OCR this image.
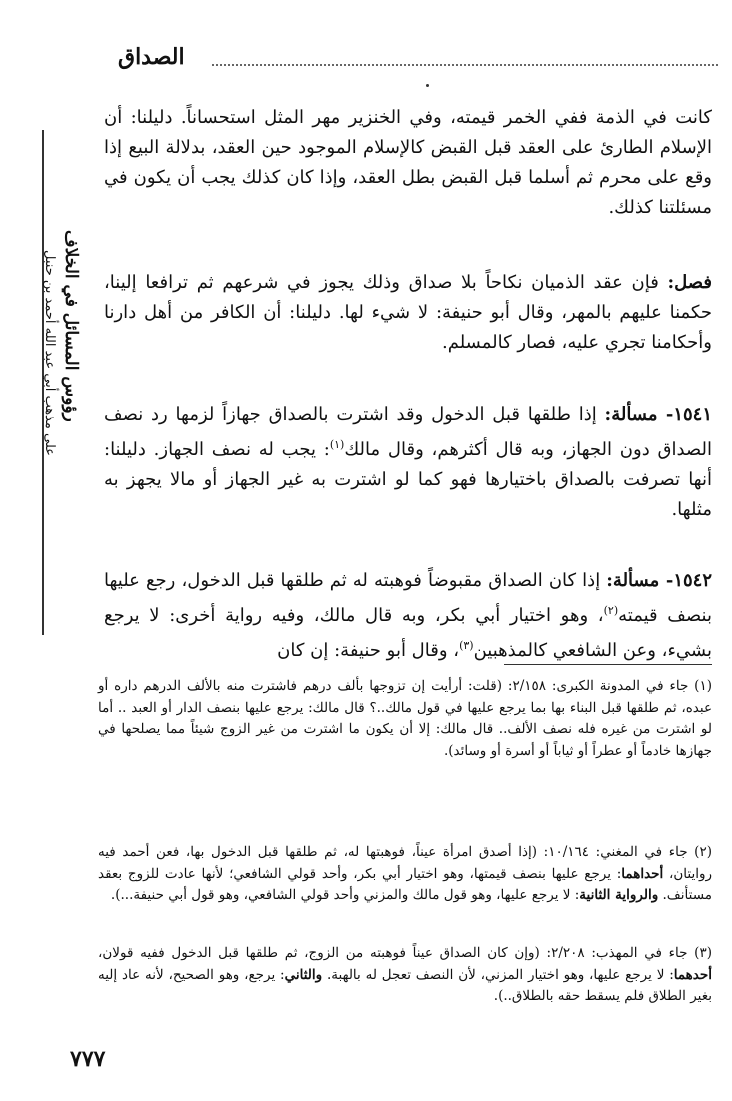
الصداق
رؤوس المسائل في الخلاف
على مذهب أبي عبد الله أحمد بن حنبل

كانت في الذمة ففي الخمر قيمته، وفي الخنزير مهر المثل استحساناً. دليلنا: أن الإسلام الطارئ على العقد قبل القبض كالإسلام الموجود حين العقد، بدلالة البيع إذا وقع على محرم ثم أسلما قبل القبض بطل العقد، وإذا كان كذلك يجب أن يكون في مسئلتنا كذلك.

فصل: فإن عقد الذميان نكاحاً بلا صداق وذلك يجوز في شرعهم ثم ترافعا إلينا، حكمنا عليهم بالمهر، وقال أبو حنيفة: لا شيء لها. دليلنا: أن الكافر من أهل دارنا وأحكامنا تجري عليه، فصار كالمسلم.

١٥٤١- مسألة: إذا طلقها قبل الدخول وقد اشترت بالصداق جهازاً لزمها رد نصف الصداق دون الجهاز، وبه قال أكثرهم، وقال مالك$^{(١)}$: يجب له نصف الجهاز. دليلنا: أنها تصرفت بالصداق باختيارها فهو كما لو اشترت به غير الجهاز أو مالا يجهز به مثلها.

١٥٤٢- مسألة: إذا كان الصداق مقبوضاً فوهبته له ثم طلقها قبل الدخول، رجع عليها بنصف قيمته$^{(٢)}$، وهو اختيار أبي بكر، وبه قال مالك، وفيه رواية أخرى: لا يرجع بشيء، وعن الشافعي كالمذهبين$^{(٣)}$، وقال أبو حنيفة: إن كان

(١) جاء في المدونة الكبرى: ٢/١٥٨: (قلت: أرأيت إن تزوجها بألف درهم فاشترت منه بالألف الدرهم داره أو عبده، ثم طلقها قبل البناء بها بما يرجع عليها في قول مالك..؟ قال مالك: يرجع عليها بنصف الدار أو العبد .. أما لو اشترت من غيره فله نصف الألف.. قال مالك: إلا أن يكون ما اشترت من غير الزوج شيئاً مما يصلحها في جهازها خادماً أو عطراً أو ثياباً أو أسرة أو وسائد).
(٢) جاء في المغني: ١٠/١٦٤: (إذا أصدق امرأة عيناً، فوهبتها له، ثم طلقها قبل الدخول بها، فعن أحمد فيه روايتان، أحداهما: يرجع عليها بنصف قيمتها، وهو اختيار أبي بكر، وأحد قولي الشافعي؛ لأنها عادت للزوج بعقد مستأنف. والرواية الثانية: لا يرجع عليها، وهو قول مالك والمزني وأحد قولي الشافعي، وهو قول أبي حنيفة...).
(٣) جاء في المهذب: ٢/٢٠٨: (وإن كان الصداق عيناً فوهبته من الزوج، ثم طلقها قبل الدخول ففيه قولان، أحدهما: لا يرجع عليها، وهو اختيار المزني، لأن النصف تعجل له بالهبة. والثاني: يرجع، وهو الصحيح، لأنه عاد إليه بغير الطلاق فلم يسقط حقه بالطلاق..).
٧٧٧
